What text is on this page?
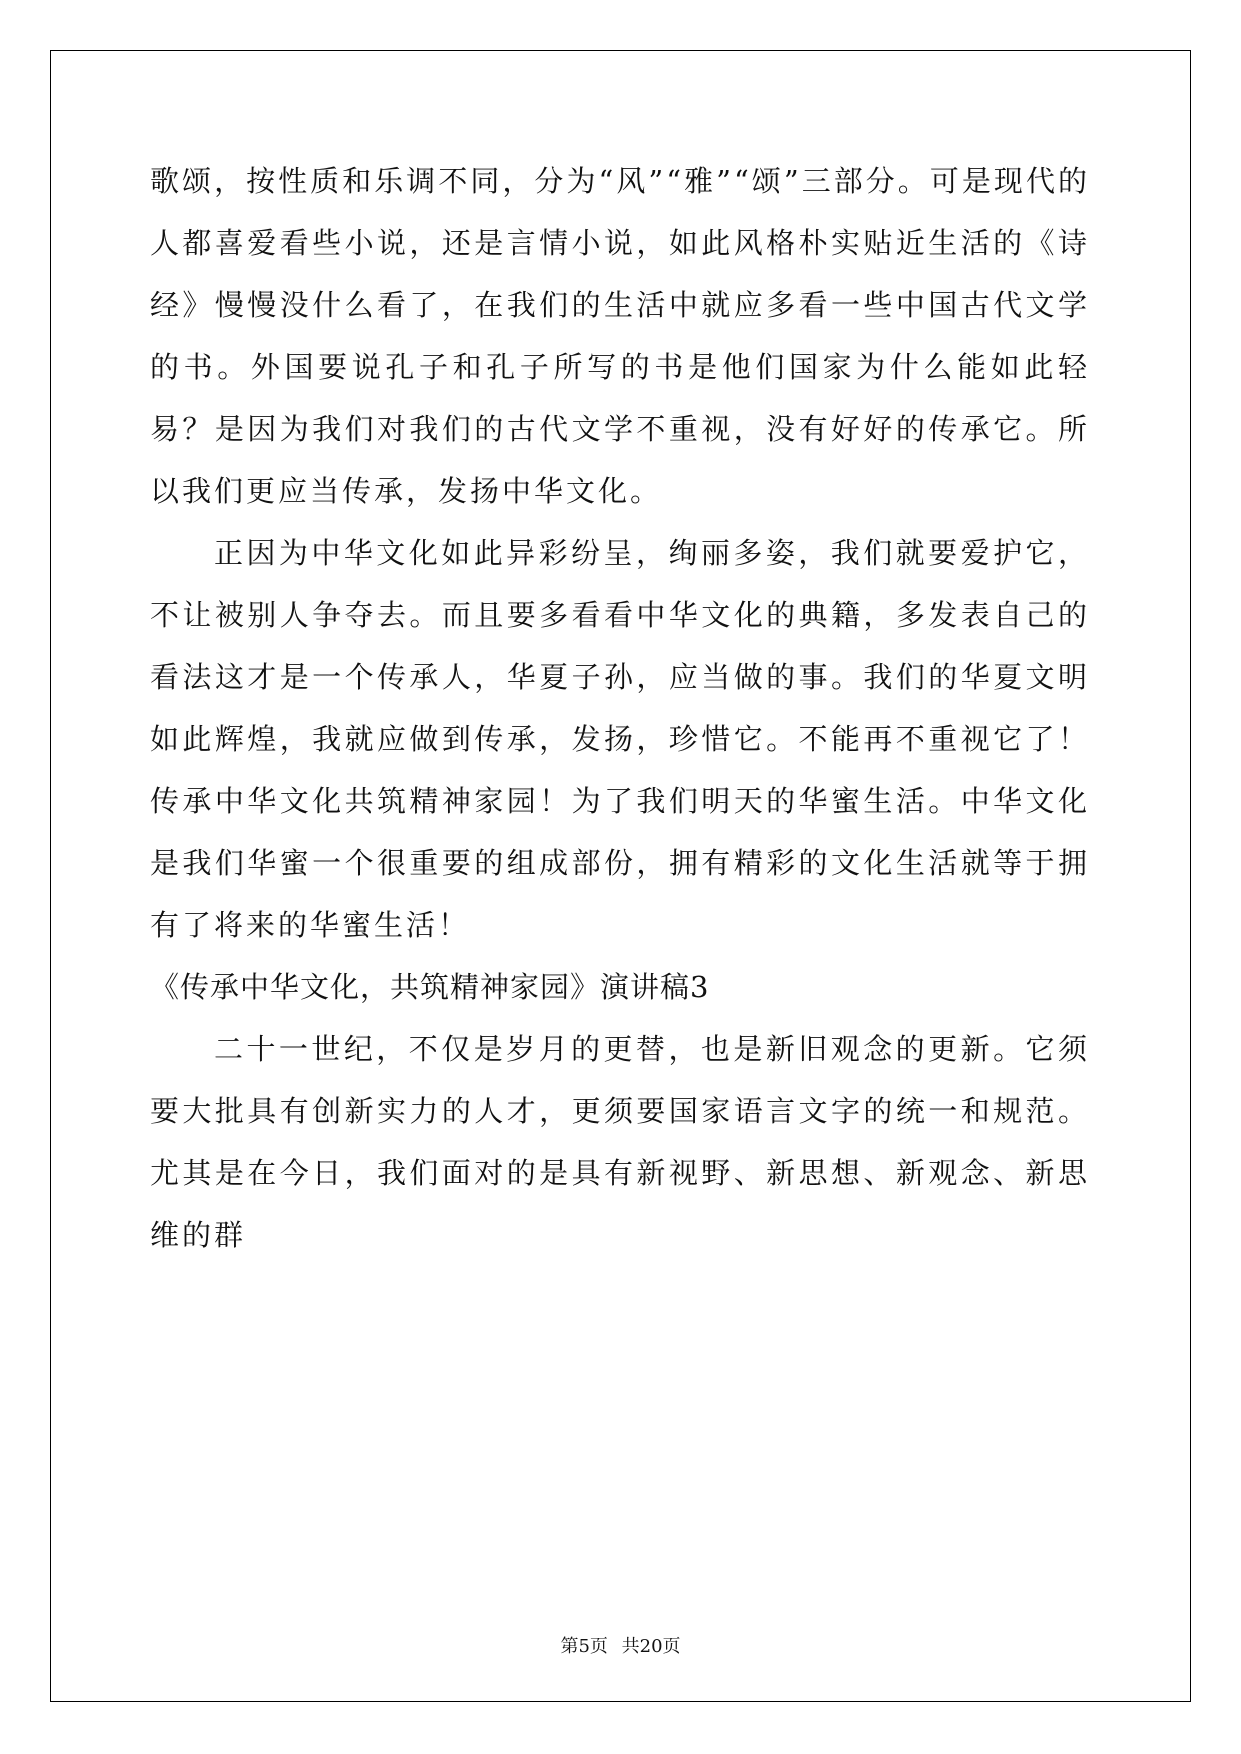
歌颂，按性质和乐调不同，分为“风”“雅”“颂”三部分。可是现代的人都喜爱看些小说，还是言情小说，如此风格朴实贴近生活的《诗经》慢慢没什么看了，在我们的生活中就应多看一些中国古代文学的书。外国要说孔子和孔子所写的书是他们国家为什么能如此轻易？是因为我们对我们的古代文学不重视，没有好好的传承它。所以我们更应当传承，发扬中华文化。

正因为中华文化如此异彩纷呈，绚丽多姿，我们就要爱护它，不让被别人争夺去。而且要多看看中华文化的典籍，多发表自己的看法这才是一个传承人，华夏子孙，应当做的事。我们的华夏文明如此辉煌，我就应做到传承，发扬，珍惜它。不能再不重视它了！传承中华文化共筑精神家园！为了我们明天的华蜜生活。中华文化是我们华蜜一个很重要的组成部份，拥有精彩的文化生活就等于拥有了将来的华蜜生活！

《传承中华文化，共筑精神家园》演讲稿3

二十一世纪，不仅是岁月的更替，也是新旧观念的更新。它须要大批具有创新实力的人才，更须要国家语言文字的统一和规范。尤其是在今日，我们面对的是具有新视野、新思想、新观念、新思维的群

第5页 共20页
